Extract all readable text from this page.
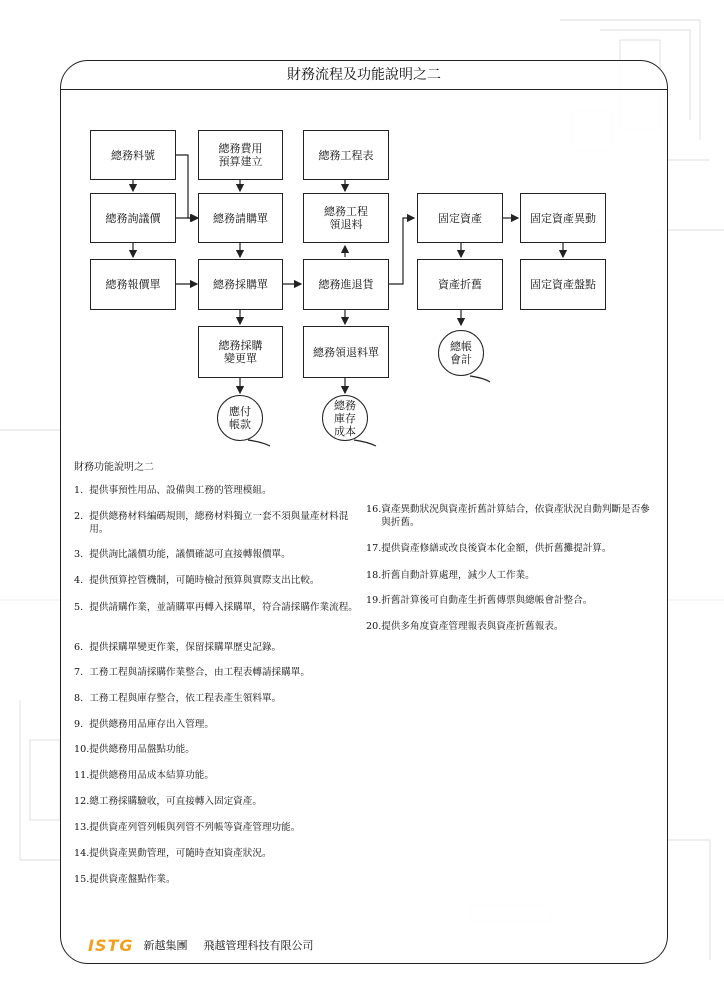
財務流程及功能說明之二
總務料號	總務費用
預算建立	總務工程表
總務詢議價	總務請購單	總務工程
領退料	固定資產	固定資產異動
總務報價單	總務採購單	總務進退貨	資產折舊	固定資產盤點
總務採購
變更單	總務領退料單	總帳
會計
應付
帳款
總務
庫存
成本
財務功能說明之二
1. 提供事預性用品、設備與工務的管理模組。
2. 提供總務材料編碼規則，總務材料獨立一套不須與量產材料混用。
3. 提供詢比議價功能，議價確認可直接轉報價單。
4. 提供預算控管機制，可隨時檢討預算與實際支出比較。
5. 提供請購作業，並請購單再轉入採購單，符合請採購作業流程。
6. 提供採購單變更作業，保留採購單歷史記錄。
7. 工務工程與請採購作業整合，由工程表轉請採購單。
8. 工務工程與庫存整合，依工程表產生領料單。
9. 提供總務用品庫存出入管理。
10. 提供總務用品盤點功能。
11. 提供總務用品成本結算功能。
12. 總工務採購驗收，可直接轉入固定資產。
13. 提供資產列管列帳與列管不列帳等資產管理功能。
14. 提供資產異動管理，可隨時查知資產狀況。
15. 提供資產盤點作業。
16. 資產異動狀況與資產折舊計算結合，依資產狀況自動判斷是否參與折舊。
17. 提供資產修繕或改良後資本化金額，供折舊攤提計算。
18. 折舊自動計算處理，減少人工作業。
19. 折舊計算後可自動產生折舊傳票與總帳會計整合。
20. 提供多角度資產管理報表與資產折舊報表。
ISTG 新越集團 飛越管理科技有限公司
